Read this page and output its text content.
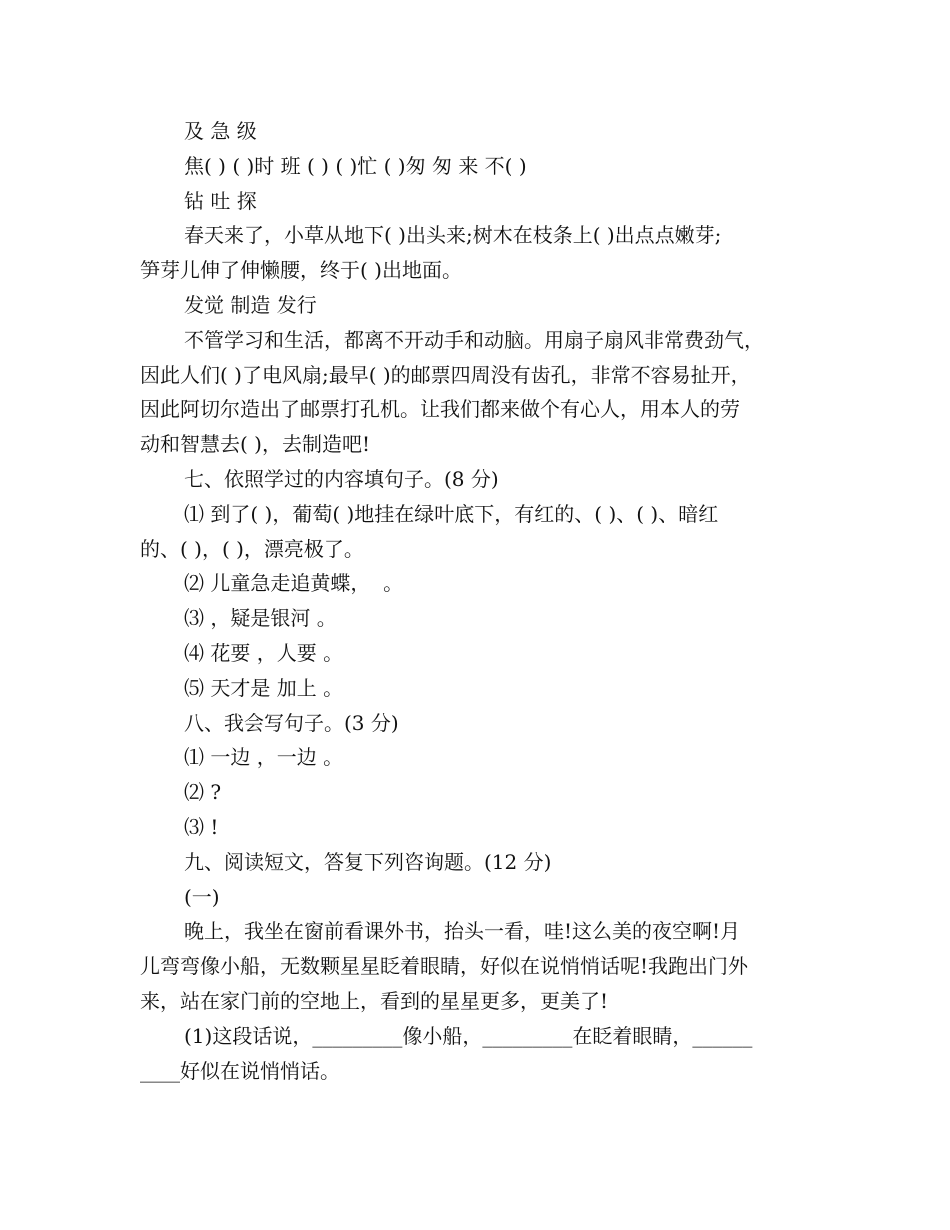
及 急 级
焦( ) ( )时 班 ( ) ( )忙 ( )匆 匆 来 不( )
钻 吐 探
春天来了，小草从地下( )出头来;树木在枝条上( )出点点嫩芽;
笋芽儿伸了伸懒腰，终于( )出地面。
发觉 制造 发行
不管学习和生活，都离不开动手和动脑。用扇子扇风非常费劲气，
因此人们( )了电风扇;最早( )的邮票四周没有齿孔，非常不容易扯开，
因此阿切尔造出了邮票打孔机。让我们都来做个有心人，用本人的劳
动和智慧去( )，去制造吧!
七、依照学过的内容填句子。(8 分)
⑴ 到了( )，葡萄( )地挂在绿叶底下，有红的、( )、( )、暗红
的、( )，( )，漂亮极了。
⑵ 儿童急走追黄蝶，  。
⑶ ，疑是银河 。
⑷ 花要 ，人要 。
⑸ 天才是 加上 。
八、我会写句子。(3 分)
⑴ 一边 ，一边 。
⑵ ?
⑶ !
九、阅读短文，答复下列咨询题。(12 分)
(一)
晚上，我坐在窗前看课外书，抬头一看，哇!这么美的夜空啊!月
儿弯弯像小船，无数颗星星眨着眼睛，好似在说悄悄话呢!我跑出门外
来，站在家门前的空地上，看到的星星更多，更美了!
(1)这段话说，_________像小船，_________在眨着眼睛，______
____好似在说悄悄话。
